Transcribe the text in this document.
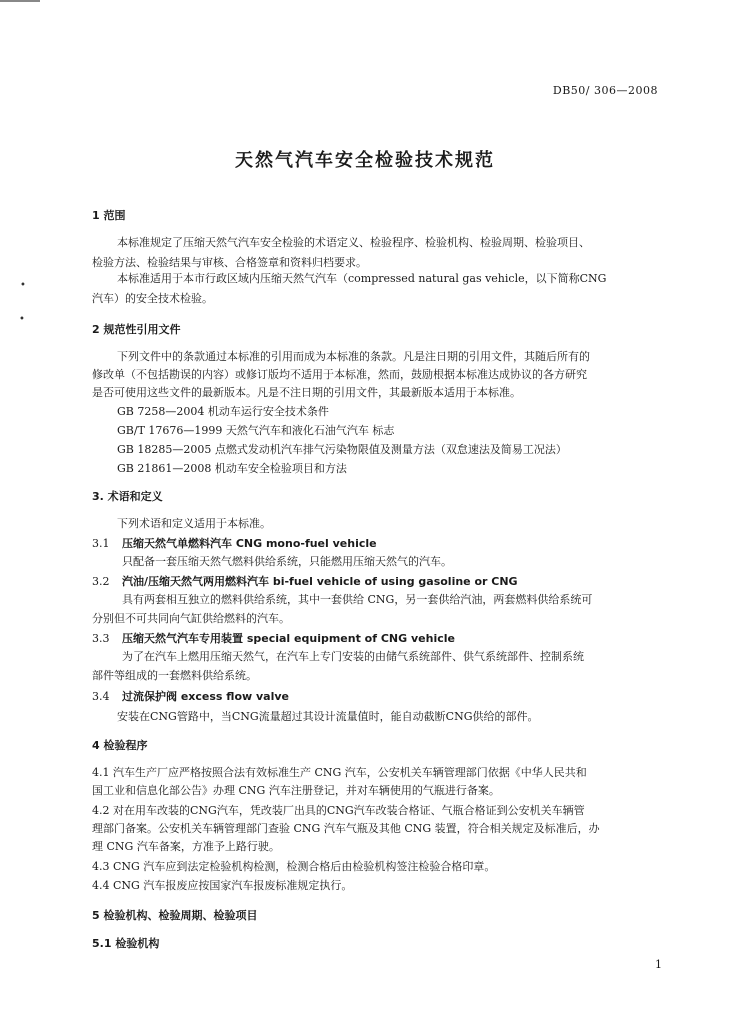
DB50/ 306—2008
天然气汽车安全检验技术规范
1 范围
本标准规定了压缩天然气汽车安全检验的术语定义、检验程序、检验机构、检验周期、检验项目、
检验方法、检验结果与审核、合格签章和资料归档要求。
本标准适用于本市行政区域内压缩天然气汽车（compressed natural gas vehicle，以下简称CNG
汽车）的安全技术检验。
•
•
2 规范性引用文件
下列文件中的条款通过本标准的引用而成为本标准的条款。凡是注日期的引用文件，其随后所有的
修改单（不包括勘误的内容）或修订版均不适用于本标准，然而，鼓励根据本标准达成协议的各方研究
是否可使用这些文件的最新版本。凡是不注日期的引用文件，其最新版本适用于本标准。
GB 7258—2004 机动车运行安全技术条件
GB/T 17676—1999 天然气汽车和液化石油气汽车 标志
GB 18285—2005 点燃式发动机汽车排气污染物限值及测量方法（双怠速法及简易工况法）
GB 21861—2008 机动车安全检验项目和方法
3. 术语和定义
下列术语和定义适用于本标准。
3.1 压缩天然气单燃料汽车 CNG mono-fuel vehicle
只配备一套压缩天然气燃料供给系统，只能燃用压缩天然气的汽车。
3.2 汽油/压缩天然气两用燃料汽车 bi-fuel vehicle of using gasoline or CNG
具有两套相互独立的燃料供给系统，其中一套供给 CNG，另一套供给汽油，两套燃料供给系统可
分别但不可共同向气缸供给燃料的汽车。
3.3 压缩天然气汽车专用装置 special equipment of CNG vehicle
为了在汽车上燃用压缩天然气，在汽车上专门安装的由储气系统部件、供气系统部件、控制系统
部件等组成的一套燃料供给系统。
3.4 过流保护阀 excess flow valve
安装在CNG管路中，当CNG流量超过其设计流量值时，能自动截断CNG供给的部件。
4 检验程序
4.1 汽车生产厂应严格按照合法有效标准生产 CNG 汽车，公安机关车辆管理部门依据《中华人民共和
国工业和信息化部公告》办理 CNG 汽车注册登记，并对车辆使用的气瓶进行备案。
4.2 对在用车改装的CNG汽车，凭改装厂出具的CNG汽车改装合格证、气瓶合格证到公安机关车辆管
理部门备案。公安机关车辆管理部门查验 CNG 汽车气瓶及其他 CNG 装置，符合相关规定及标准后，办
理 CNG 汽车备案，方准予上路行驶。
4.3 CNG 汽车应到法定检验机构检测，检测合格后由检验机构签注检验合格印章。
4.4 CNG 汽车报废应按国家汽车报废标准规定执行。
5 检验机构、检验周期、检验项目
5.1 检验机构
1
